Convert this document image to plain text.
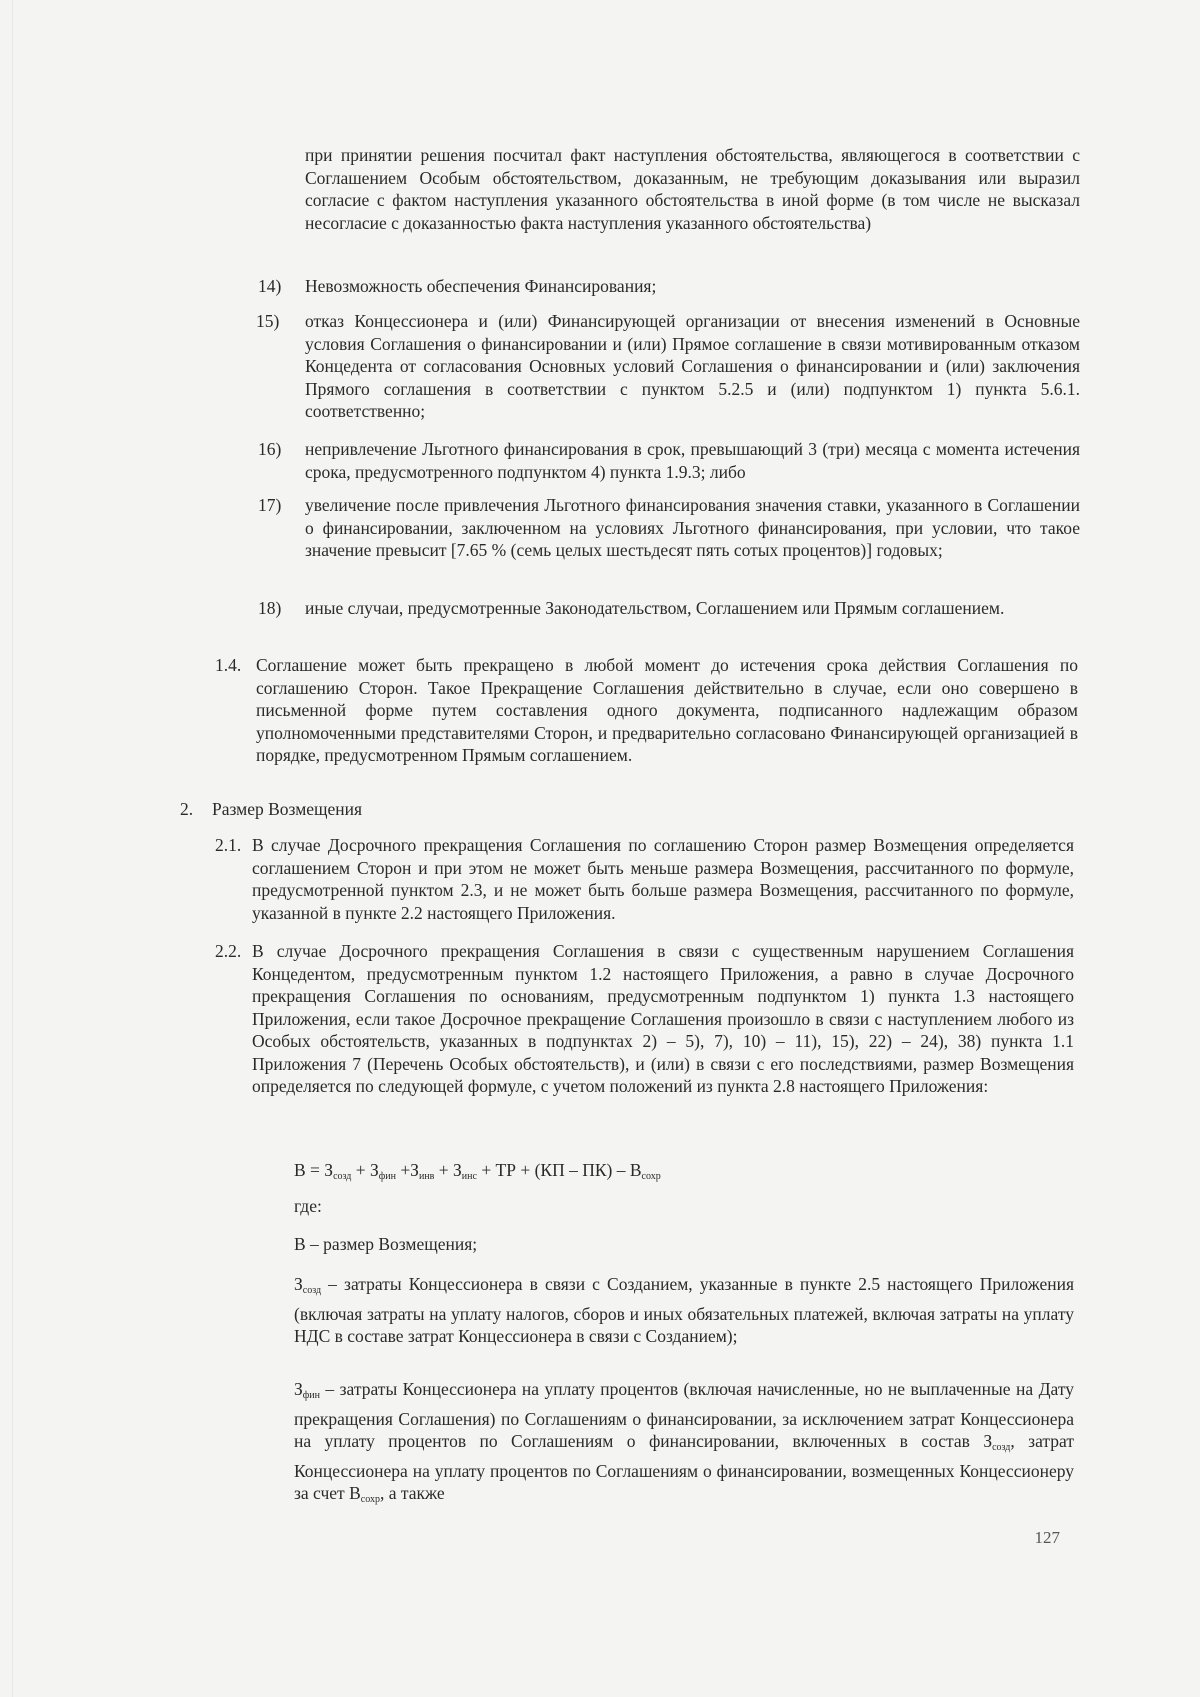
при принятии решения посчитал факт наступления обстоятельства, являющегося в соответствии с Соглашением Особым обстоятельством, доказанным, не требующим доказывания или выразил согласие с фактом наступления указанного обстоятельства в иной форме (в том числе не высказал несогласие с доказанностью факта наступления указанного обстоятельства)
14) Невозможность обеспечения Финансирования;
15) отказ Концессионера и (или) Финансирующей организации от внесения изменений в Основные условия Соглашения о финансировании и (или) Прямое соглашение в связи мотивированным отказом Концедента от согласования Основных условий Соглашения о финансировании и (или) заключения Прямого соглашения в соответствии с пунктом 5.2.5 и (или) подпунктом 1) пункта 5.6.1. соответственно;
16) непривлечение Льготного финансирования в срок, превышающий 3 (три) месяца с момента истечения срока, предусмотренного подпунктом 4) пункта 1.9.3; либо
17) увеличение после привлечения Льготного финансирования значения ставки, указанного в Соглашении о финансировании, заключенном на условиях Льготного финансирования, при условии, что такое значение превысит [7.65 % (семь целых шестьдесят пять сотых процентов)] годовых;
18) иные случаи, предусмотренные Законодательством, Соглашением или Прямым соглашением.
1.4. Соглашение может быть прекращено в любой момент до истечения срока действия Соглашения по соглашению Сторон. Такое Прекращение Соглашения действительно в случае, если оно совершено в письменной форме путем составления одного документа, подписанного надлежащим образом уполномоченными представителями Сторон, и предварительно согласовано Финансирующей организацией в порядке, предусмотренном Прямым соглашением.
2. Размер Возмещения
2.1. В случае Досрочного прекращения Соглашения по соглашению Сторон размер Возмещения определяется соглашением Сторон и при этом не может быть меньше размера Возмещения, рассчитанного по формуле, предусмотренной пунктом 2.3, и не может быть больше размера Возмещения, рассчитанного по формуле, указанной в пункте 2.2 настоящего Приложения.
2.2. В случае Досрочного прекращения Соглашения в связи с существенным нарушением Соглашения Концедентом, предусмотренным пунктом 1.2 настоящего Приложения, а равно в случае Досрочного прекращения Соглашения по основаниям, предусмотренным подпунктом 1) пункта 1.3 настоящего Приложения, если такое Досрочное прекращение Соглашения произошло в связи с наступлением любого из Особых обстоятельств, указанных в подпунктах 2) – 5), 7), 10) – 11), 15), 22) – 24), 38) пункта 1.1 Приложения 7 (Перечень Особых обстоятельств), и (или) в связи с его последствиями, размер Возмещения определяется по следующей формуле, с учетом положений из пункта 2.8 настоящего Приложения:
$В = З_{созд} + З_{фин} +З_{инв} + З_{инс}$ + ТР + $(КП - ПК) - В_{сохр}$
где:
В – размер Возмещения;
$З_{созд}$ – затраты Концессионера в связи с Созданием, указанные в пункте 2.5 настоящего Приложения (включая затраты на уплату налогов, сборов и иных обязательных платежей, включая затраты на уплату НДС в составе затрат Концессионера в связи с Созданием);
$З_{фин}$ – затраты Концессионера на уплату процентов (включая начисленные, но не выплаченные на Дату прекращения Соглашения) по Соглашениям о финансировании, за исключением затрат Концессионера на уплату процентов по Соглашениям о финансировании, включенных в состав $З_{созд}$, затрат Концессионера на уплату процентов по Соглашениям о финансировании, возмещенных Концессионеру за счет $В_{сохр}$, а также
127
